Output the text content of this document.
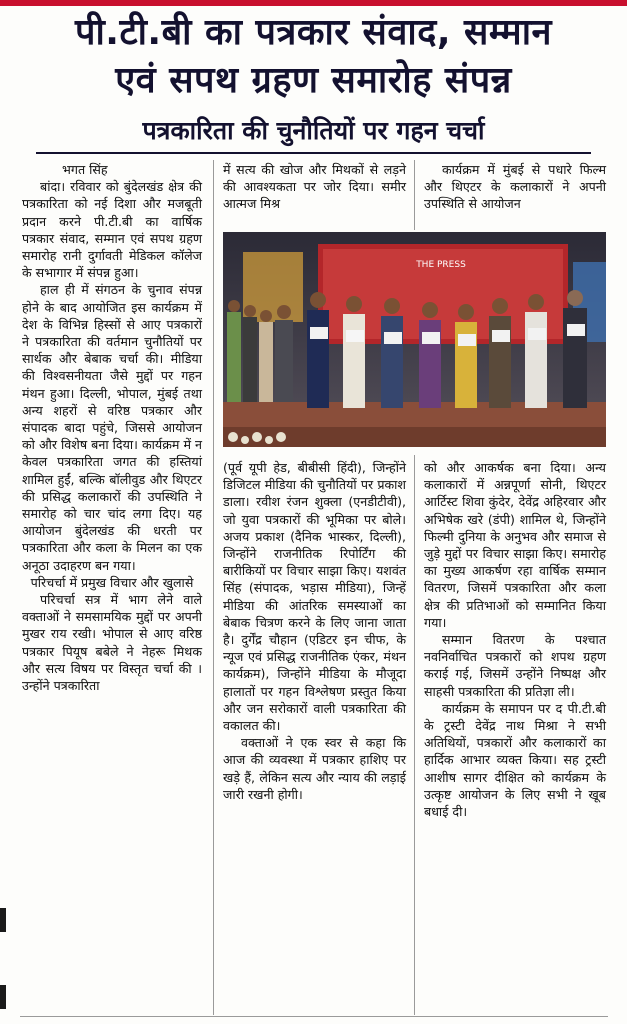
पी.टी.बी का पत्रकार संवाद, सम्मान
एवं सपथ ग्रहण समारोह संपन्न
पत्रकारिता की चुनौतियों पर गहन चर्चा

भगत सिंह

बांदा। रविवार को बुंदेलखंड क्षेत्र की पत्रकारिता को नई दिशा और मजबूती प्रदान करने पी.टी.बी का वार्षिक पत्रकार संवाद, सम्मान एवं सपथ ग्रहण समारोह रानी दुर्गावती मेडिकल कॉलेज के सभागार में संपन्न हुआ।

हाल ही में संगठन के चुनाव संपन्न होने के बाद आयोजित इस कार्यक्रम में देश के विभिन्न हिस्सों से आए पत्रकारों ने पत्रकारिता की वर्तमान चुनौतियों पर सार्थक और बेबाक चर्चा की। मीडिया की विश्वसनीयता जैसे मुद्दों पर गहन मंथन हुआ। दिल्ली, भोपाल, मुंबई तथा अन्य शहरों से वरिष्ठ पत्रकार और संपादक बादा पहुंचे, जिससे आयोजन को और विशेष बना दिया। कार्यक्रम में न केवल पत्रकारिता जगत की हस्तियां शामिल हुईं, बल्कि बॉलीवुड और थिएटर की प्रसिद्ध कलाकारों की उपस्थिति ने समारोह को चार चांद लगा दिए। यह आयोजन बुंदेलखंड की धरती पर पत्रकारिता और कला के मिलन का एक अनूठा उदाहरण बन गया।

परिचर्चा में प्रमुख विचार और खुलासे

परिचर्चा सत्र में भाग लेने वाले वक्ताओं ने समसामयिक मुद्दों पर अपनी मुखर राय रखी। भोपाल से आए वरिष्ठ पत्रकार पियूष बबेले ने नेहरू मिथक और सत्य विषय पर विस्तृत चर्चा की । उन्होंने पत्रकारिता

में सत्य की खोज और मिथकों से लड़ने की आवश्यकता पर जोर दिया। समीर आत्मज मिश्र

कार्यक्रम में मुंबई से पधारे फिल्म और थिएटर के कलाकारों ने अपनी उपस्थिति से आयोजन

THE PRESS

(पूर्व यूपी हेड, बीबीसी हिंदी), जिन्होंने डिजिटल मीडिया की चुनौतियों पर प्रकाश डाला। रवीश रंजन शुक्ला (एनडीटीवी), जो युवा पत्रकारों की भूमिका पर बोले। अजय प्रकाश (दैनिक भास्कर, दिल्ली), जिन्होंने राजनीतिक रिपोर्टिंग की बारीकियों पर विचार साझा किए। यशवंत सिंह (संपादक, भड़ास मीडिया), जिन्हें मीडिया की आंतरिक समस्याओं का बेबाक चित्रण करने के लिए जाना जाता है। दुर्गेंद्र चौहान (एडिटर इन चीफ, के न्यूज एवं प्रसिद्ध राजनीतिक एंकर, मंथन कार्यक्रम), जिन्होंने मीडिया के मौजूदा हालातों पर गहन विश्लेषण प्रस्तुत किया और जन सरोकारों वाली पत्रकारिता की वकालत की।

वक्ताओं ने एक स्वर से कहा कि आज की व्यवस्था में पत्रकार हाशिए पर खड़े हैं, लेकिन सत्य और न्याय की लड़ाई जारी रखनी होगी।

को और आकर्षक बना दिया। अन्य कलाकारों में अन्नपूर्णा सोनी, थिएटर आर्टिस्ट शिवा कुंदेर, देवेंद्र अहिरवार और अभिषेक खरे (डंपी) शामिल थे, जिन्होंने फिल्मी दुनिया के अनुभव और समाज से जुड़े मुद्दों पर विचार साझा किए। समारोह का मुख्य आकर्षण रहा वार्षिक सम्मान वितरण, जिसमें पत्रकारिता और कला क्षेत्र की प्रतिभाओं को सम्मानित किया गया।

सम्मान वितरण के पश्चात नवनिर्वाचित पत्रकारों को शपथ ग्रहण कराई गई, जिसमें उन्होंने निष्पक्ष और साहसी पत्रकारिता की प्रतिज्ञा ली।

कार्यक्रम के समापन पर द पी.टी.बी के ट्रस्टी देवेंद्र नाथ मिश्रा ने सभी अतिथियों, पत्रकारों और कलाकारों का हार्दिक आभार व्यक्त किया। सह ट्रस्टी आशीष सागर दीक्षित को कार्यक्रम के उत्कृष्ट आयोजन के लिए सभी ने खूब बधाई दी।
